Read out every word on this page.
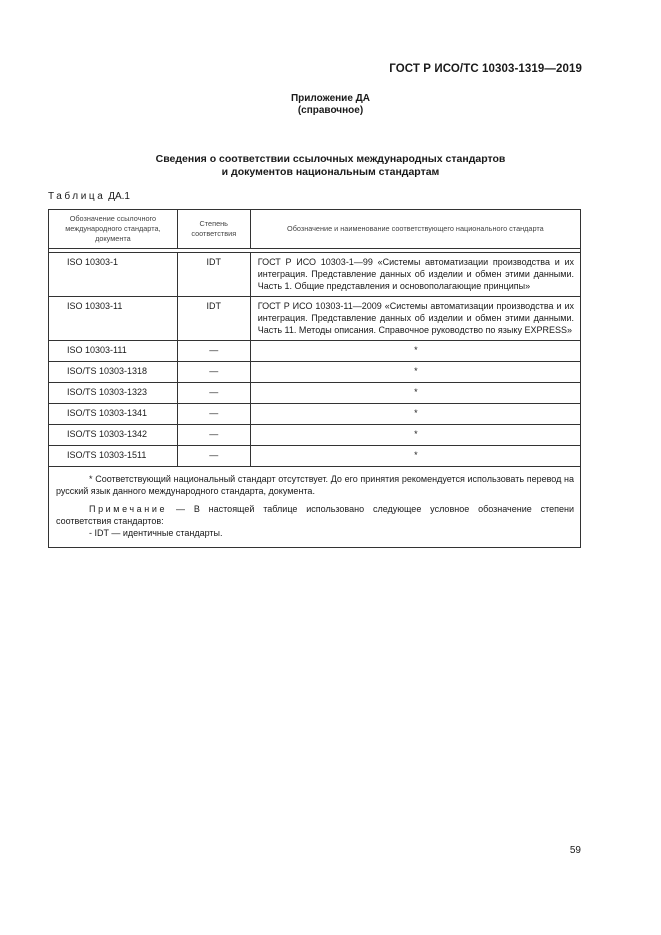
ГОСТ Р ИСО/ТС 10303-1319—2019
Приложение ДА
(справочное)
Сведения о соответствии ссылочных международных стандартов
и документов национальным стандартам
Таблица ДА.1
Обозначение ссылочного международного стандарта, документа	Степень соответствия	Обозначение и наименование соответствующего национального стандарта

ISO 10303-1	IDT	ГОСТ Р ИСО 10303-1—99 «Системы автоматизации производства и их интеграция. Представление данных об изделии и обмен этими данными. Часть 1. Общие представления и основополагающие принципы»
ISO 10303-11	IDT	ГОСТ Р ИСО 10303-11—2009 «Системы автоматизации производства и их интеграция. Представление данных об изделии и обмен этими данными. Часть 11. Методы описания. Справочное руководство по языку EXPRESS»
ISO 10303-111	—	*
ISO/TS 10303-1318	—	*
ISO/TS 10303-1323	—	*
ISO/TS 10303-1341	—	*
ISO/TS 10303-1342	—	*
ISO/TS 10303-1511	—	*

* Соответствующий национальный стандарт отсутствует. До его принятия рекомендуется использовать перевод на русский язык данного международного стандарта, документа.

Примечание — В настоящей таблице использовано следующее условное обозначение степени соответствия стандартов:

- IDT — идентичные стандарты.		

59
